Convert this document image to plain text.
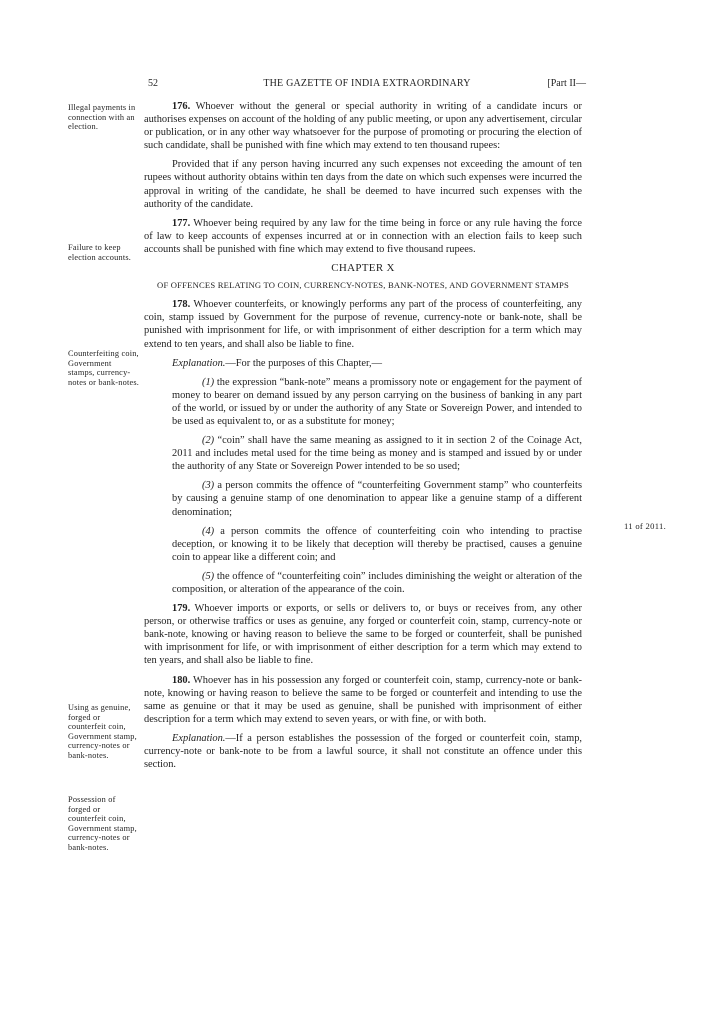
52	THE GAZETTE OF INDIA EXTRAORDINARY	[Part II—
Illegal payments in connection with an election.
Failure to keep election accounts.
Counterfeiting coin, Government stamps, currency-notes or bank-notes.
Using as genuine, forged or counterfeit coin, Government stamp, currency-notes or bank-notes.
Possession of forged or counterfeit coin, Government stamp, currency-notes or bank-notes.
11 of 2011.

176. Whoever without the general or special authority in writing of a candidate incurs or authorises expenses on account of the holding of any public meeting, or upon any advertisement, circular or publication, or in any other way whatsoever for the purpose of promoting or procuring the election of such candidate, shall be punished with fine which may extend to ten thousand rupees:

Provided that if any person having incurred any such expenses not exceeding the amount of ten rupees without authority obtains within ten days from the date on which such expenses were incurred the approval in writing of the candidate, he shall be deemed to have incurred such expenses with the authority of the candidate.

177. Whoever being required by any law for the time being in force or any rule having the force of law to keep accounts of expenses incurred at or in connection with an election fails to keep such accounts shall be punished with fine which may extend to five thousand rupees.

CHAPTER X
OF OFFENCES RELATING TO COIN, CURRENCY-NOTES, BANK-NOTES, AND GOVERNMENT STAMPS

178. Whoever counterfeits, or knowingly performs any part of the process of counterfeiting, any coin, stamp issued by Government for the purpose of revenue, currency-note or bank-note, shall be punished with imprisonment for life, or with imprisonment of either description for a term which may extend to ten years, and shall also be liable to fine.

Explanation.—For the purposes of this Chapter,—

(1) the expression “bank-note” means a promissory note or engagement for the payment of money to bearer on demand issued by any person carrying on the business of banking in any part of the world, or issued by or under the authority of any State or Sovereign Power, and intended to be used as equivalent to, or as a substitute for money;

(2) “coin” shall have the same meaning as assigned to it in section 2 of the Coinage Act, 2011 and includes metal used for the time being as money and is stamped and issued by or under the authority of any State or Sovereign Power intended to be so used;

(3) a person commits the offence of “counterfeiting Government stamp” who counterfeits by causing a genuine stamp of one denomination to appear like a genuine stamp of a different denomination;

(4) a person commits the offence of counterfeiting coin who intending to practise deception, or knowing it to be likely that deception will thereby be practised, causes a genuine coin to appear like a different coin; and

(5) the offence of “counterfeiting coin” includes diminishing the weight or alteration of the composition, or alteration of the appearance of the coin.

179. Whoever imports or exports, or sells or delivers to, or buys or receives from, any other person, or otherwise traffics or uses as genuine, any forged or counterfeit coin, stamp, currency-note or bank-note, knowing or having reason to believe the same to be forged or counterfeit, shall be punished with imprisonment for life, or with imprisonment of either description for a term which may extend to ten years, and shall also be liable to fine.

180. Whoever has in his possession any forged or counterfeit coin, stamp, currency-note or bank-note, knowing or having reason to believe the same to be forged or counterfeit and intending to use the same as genuine or that it may be used as genuine, shall be punished with imprisonment of either description for a term which may extend to seven years, or with fine, or with both.

Explanation.—If a person establishes the possession of the forged or counterfeit coin, stamp, currency-note or bank-note to be from a lawful source, it shall not constitute an offence under this section.
